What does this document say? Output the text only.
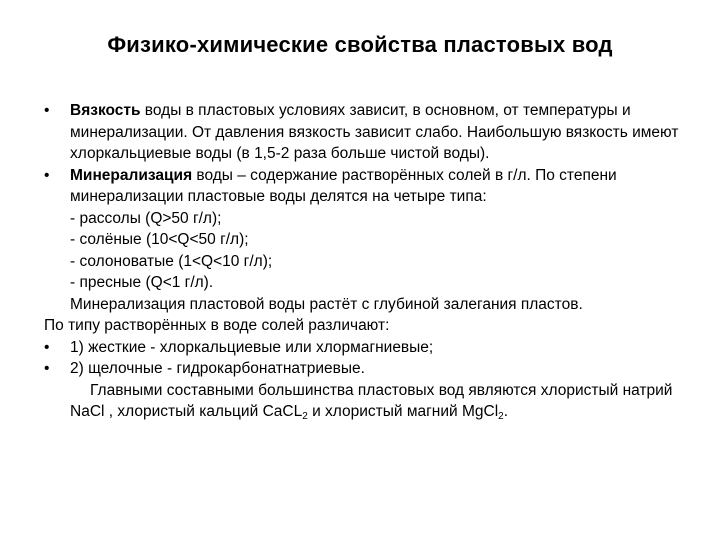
Физико-химические свойства пластовых вод
•	Вязкость воды в пластовых условиях зависит, в основном, от температуры и минерализации. От давления вязкость зависит слабо. Наибольшую вязкость имеют хлоркальциевые воды (в 1,5-2 раза больше чистой воды).
•	Минерализация воды – содержание растворённых солей в г/л. По степени минерализации пластовые воды делятся на четыре типа:
- рассолы (Q>50 г/л);
- солёные (10<Q<50 г/л);
- солоноватые (1<Q<10 г/л);
- пресные (Q<1 г/л).
Минерализация пластовой воды растёт с глубиной залегания пластов.
По типу растворённых в воде солей различают:
•	1) жесткие - хлоркальциевые или хлормагниевые;
•	2) щелочные - гидрокарбонатнатриевые.
Главными составными большинства пластовых вод являются хлористый натрий NaCl , хлористый кальций CaCL$_2$ и хлористый магний MgCl$_2$.
